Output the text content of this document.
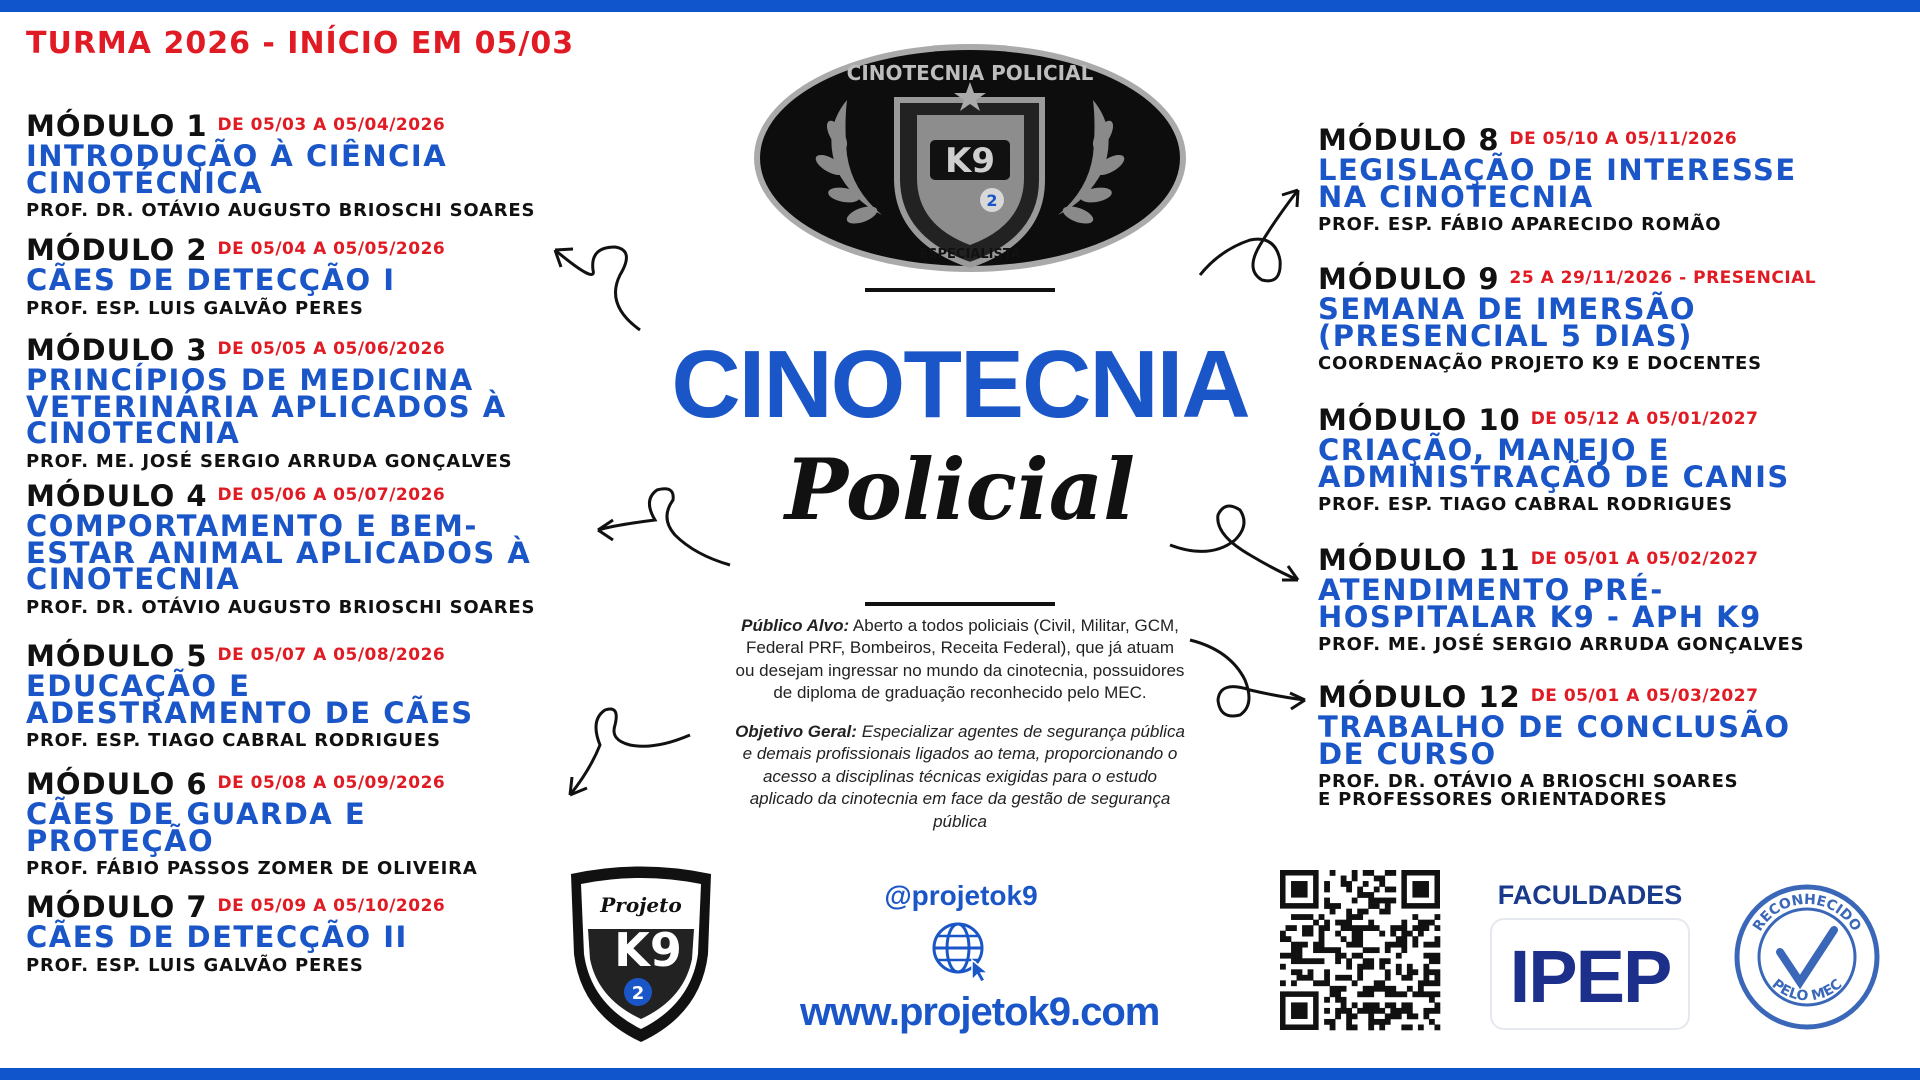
TURMA 2026 - INÍCIO EM 05/03
MÓDULO 1 DE 05/03 A 05/04/2026
INTRODUÇÃO À CIÊNCIA
CINOTÉCNICA
PROF. DR. OTÁVIO AUGUSTO BRIOSCHI SOARES
MÓDULO 2 DE 05/04 A 05/05/2026
CÃES DE DETECÇÃO I
PROF. ESP. LUIS GALVÃO PERES
MÓDULO 3 DE 05/05 A 05/06/2026
PRINCÍPIOS DE MEDICINA
VETERINÁRIA APLICADOS À
CINOTECNIA
PROF. ME. JOSÉ SERGIO ARRUDA GONÇALVES
MÓDULO 4 DE 05/06 A 05/07/2026
COMPORTAMENTO E BEM-
ESTAR ANIMAL APLICADOS À
CINOTECNIA
PROF. DR. OTÁVIO AUGUSTO BRIOSCHI SOARES
MÓDULO 5 DE 05/07 A 05/08/2026
EDUCAÇÃO E
ADESTRAMENTO DE CÃES
PROF. ESP. TIAGO CABRAL RODRIGUES
MÓDULO 6 DE 05/08 A 05/09/2026
CÃES DE GUARDA E
PROTEÇÃO
PROF. FÁBIO PASSOS ZOMER DE OLIVEIRA
MÓDULO 7 DE 05/09 A 05/10/2026
CÃES DE DETECÇÃO II
PROF. ESP. LUIS GALVÃO PERES
MÓDULO 8 DE 05/10 A 05/11/2026
LEGISLAÇÃO DE INTERESSE
NA CINOTECNIA
PROF. ESP. FÁBIO APARECIDO ROMÃO
MÓDULO 9 25 A 29/11/2026 - PRESENCIAL
SEMANA DE IMERSÃO
(PRESENCIAL 5 DIAS)
COORDENAÇÃO PROJETO K9 E DOCENTES
MÓDULO 10 DE 05/12 A 05/01/2027
CRIAÇÃO, MANEJO E
ADMINISTRAÇÃO DE CANIS
PROF. ESP. TIAGO CABRAL RODRIGUES
MÓDULO 11 DE 05/01 A 05/02/2027
ATENDIMENTO PRÉ-
HOSPITALAR K9 - APH K9
PROF. ME. JOSÉ SERGIO ARRUDA GONÇALVES
MÓDULO 12 DE 05/01 A 05/03/2027
TRABALHO DE CONCLUSÃO
DE CURSO
PROF. DR. OTÁVIO A BRIOSCHI SOARES
E PROFESSORES ORIENTADORES
K9
2
CINOTECNIA POLICIAL
ESPECIALISTA
CINOTECNIA
Policial
Público Alvo: Aberto a todos policiais (Civil, Militar, GCM, Federal PRF, Bombeiros, Receita Federal), que já atuam ou desejam ingressar no mundo da cinotecnia, possuidores de diploma de graduação reconhecido pelo MEC.
Objetivo Geral: Especializar agentes de segurança pública e demais profissionais ligados ao tema, proporcionando o acesso a disciplinas técnicas exigidas para o estudo aplicado da cinotecnia em face da gestão de segurança pública
Projeto
K9
2
@projetok9
www.projetok9.com
FACULDADES
IPEP
RECONHECIDO
PELO MEC
